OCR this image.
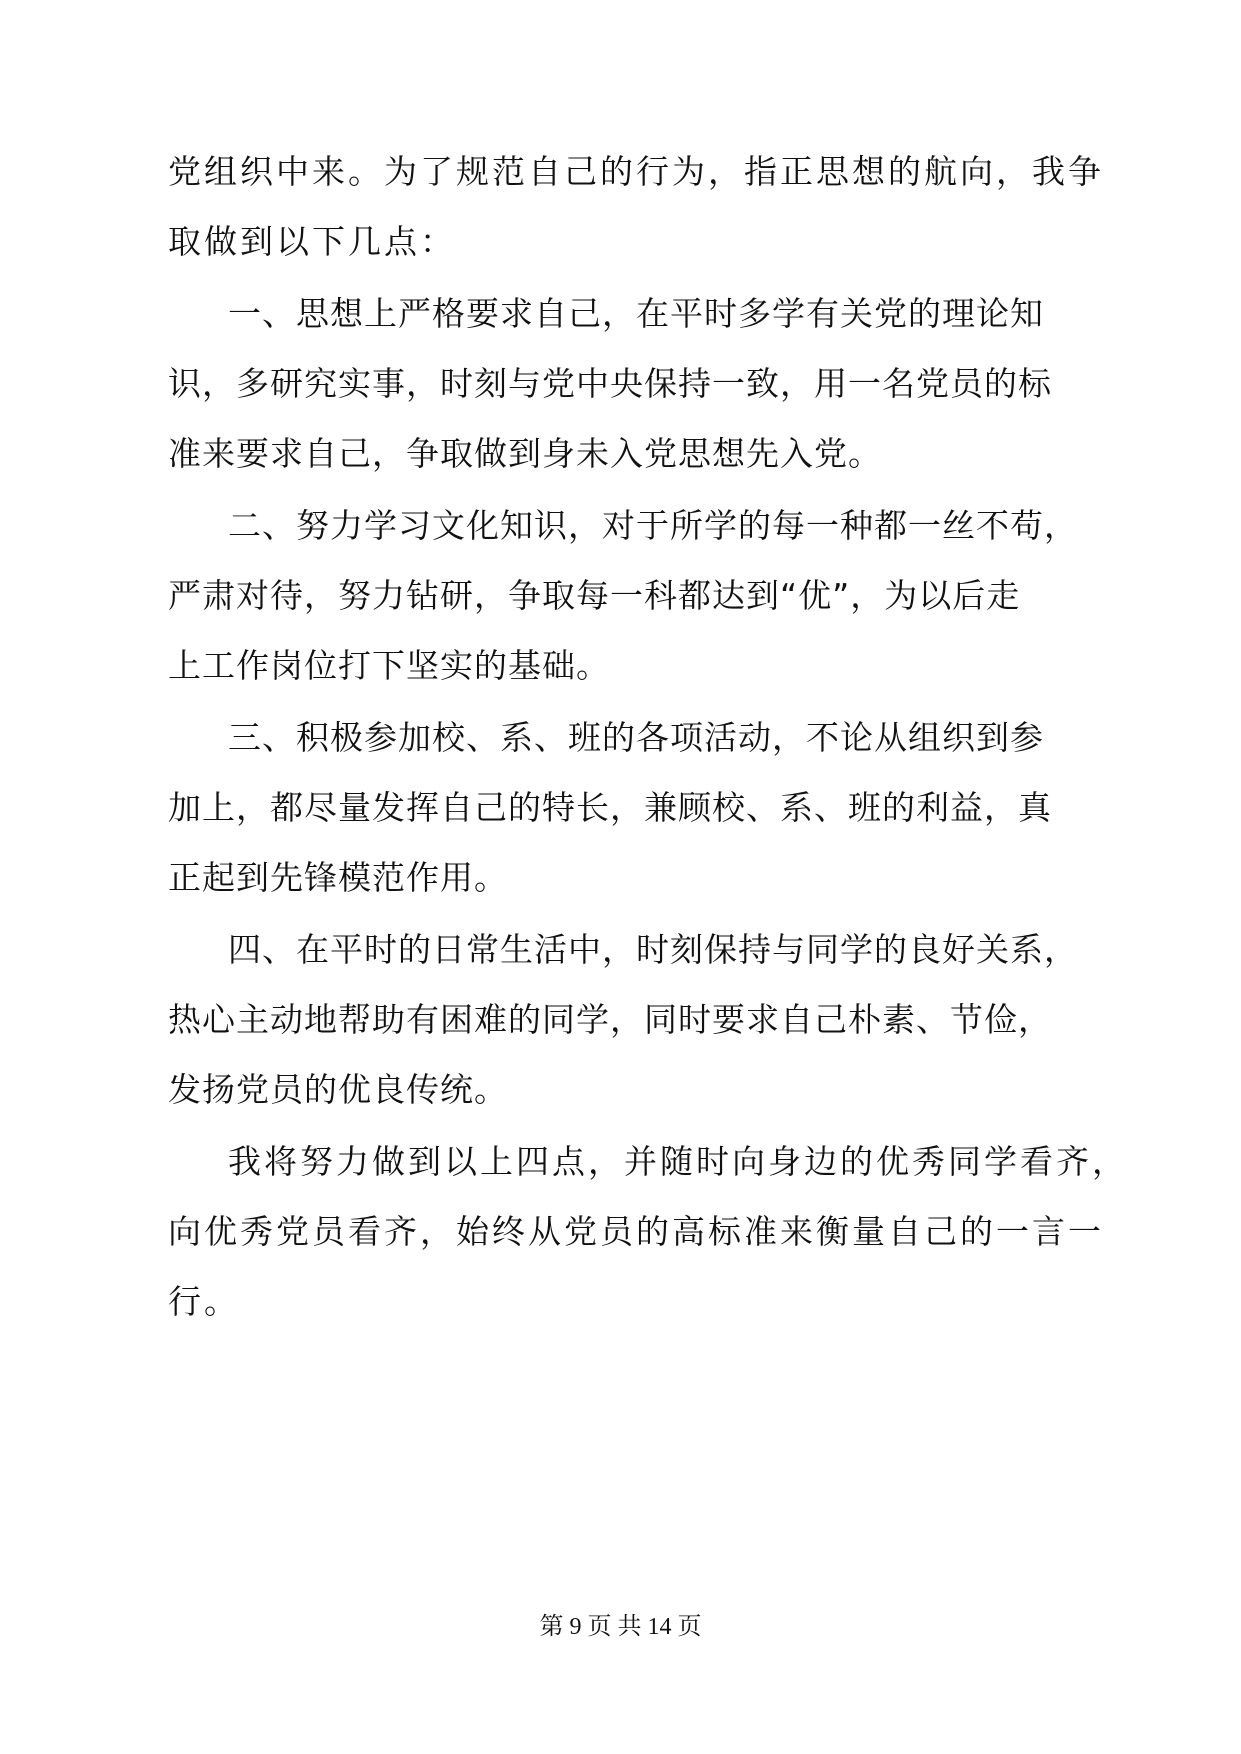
党组织中来。为了规范自己的行为，指正思想的航向，我争
取做到以下几点：
一、思想上严格要求自己，在平时多学有关党的理论知
识，多研究实事，时刻与党中央保持一致，用一名党员的标
准来要求自己，争取做到身未入党思想先入党。
二、努力学习文化知识，对于所学的每一种都一丝不苟，
严肃对待，努力钻研，争取每一科都达到“优”，为以后走
上工作岗位打下坚实的基础。
三、积极参加校、系、班的各项活动，不论从组织到参
加上，都尽量发挥自己的特长，兼顾校、系、班的利益，真
正起到先锋模范作用。
四、在平时的日常生活中，时刻保持与同学的良好关系，
热心主动地帮助有困难的同学，同时要求自己朴素、节俭，
发扬党员的优良传统。
我将努力做到以上四点，并随时向身边的优秀同学看齐，
向优秀党员看齐，始终从党员的高标准来衡量自己的一言一
行。
第 9 页 共 14 页
